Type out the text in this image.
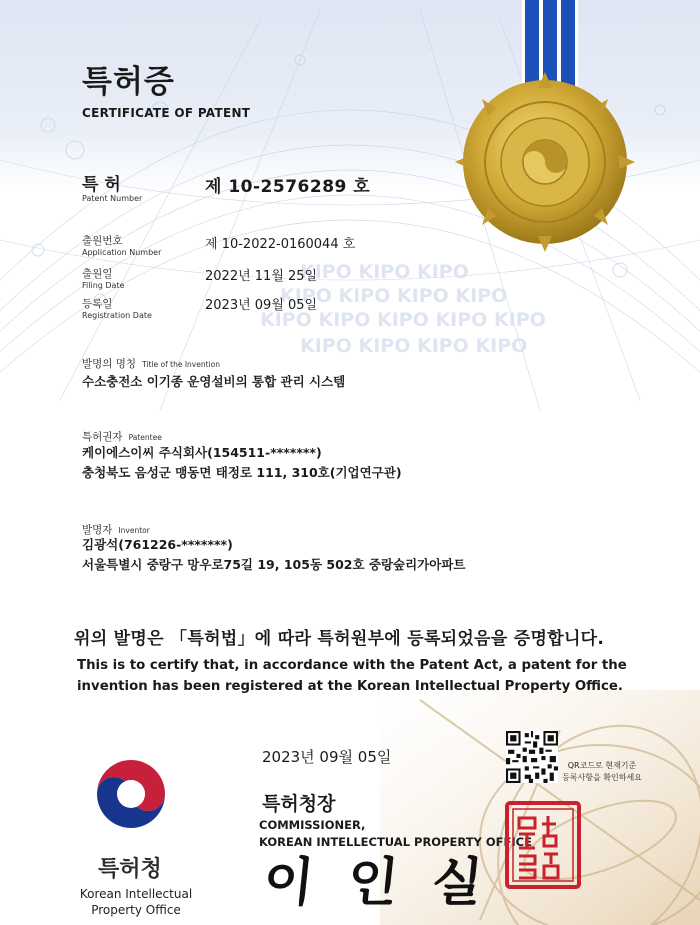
KIPO KIPO KIPO
KIPO KIPO KIPO KIPO
KIPO KIPO KIPO KIPO KIPO
KIPO KIPO KIPO KIPO
특허증
CERTIFICATE OF PATENT
특 허
Patent Number
제 10-2576289 호
출원번호
Application Number
제 10-2022-0160044 호
출원일
Filing Date
2022년 11월 25일
등록일
Registration Date
2023년 09월 05일
발명의 명칭 Title of the Invention
수소충전소 이기종 운영설비의 통합 관리 시스템
특허권자 Patentee
케이에스이씨 주식회사(154511-*******)
충청북도 음성군 맹동면 태정로 111, 310호(기업연구관)
발명자 Inventor
김광석(761226-*******)
서울특별시 중랑구 망우로75길 19, 105동 502호 중랑숲리가아파트
위의 발명은 「특허법」에 따라 특허원부에 등록되었음을 증명합니다.
This is to certify that, in accordance with the Patent Act, a patent for the
invention has been registered at the Korean Intellectual Property Office.
2023년 09월 05일	QR코드로 현재기준
등록사항을 확인하세요
특허청장
COMMISSIONER,
KOREAN INTELLECTUAL PROPERTY OFFICE
이인실
특허청
Korean Intellectual
Property Office
